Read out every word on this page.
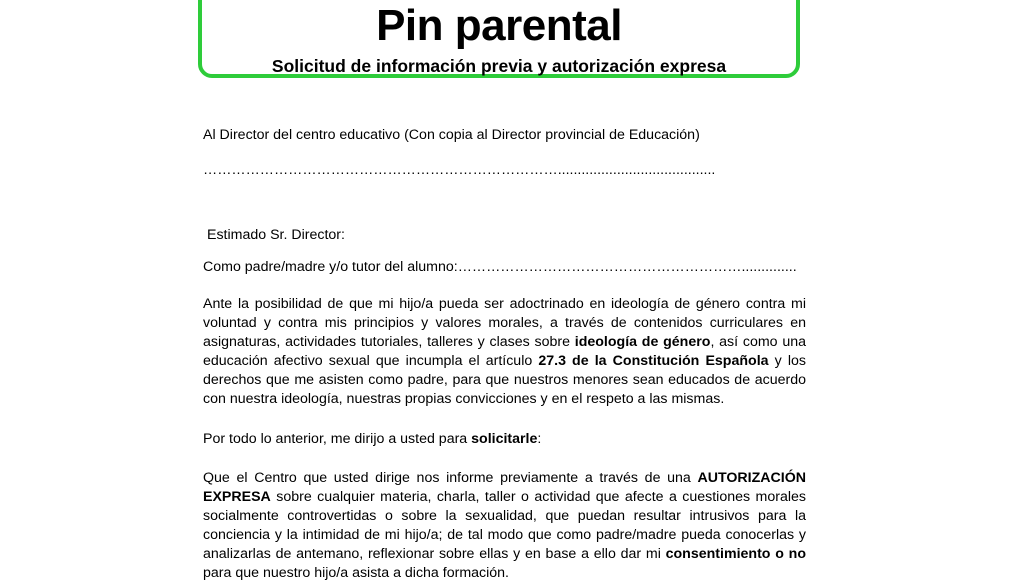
Pin parental
Solicitud de información previa y autorización expresa
Al Director del centro educativo (Con copia al Director provincial de Educación)
…………………………………………………………………........................................
Estimado Sr. Director:
Como padre/madre y/o tutor del alumno:……………………………………………………..............
Ante la posibilidad de que mi hijo/a pueda ser adoctrinado en ideología de género contra mi voluntad y contra mis principios y valores morales, a través de contenidos curriculares en asignaturas, actividades tutoriales, talleres y clases sobre ideología de género, así como una educación afectivo sexual que incumpla el artículo 27.3 de la Constitución Española y los derechos que me asisten como padre, para que nuestros menores sean educados de acuerdo con nuestra ideología, nuestras propias convicciones y en el respeto a las mismas.
Por todo lo anterior, me dirijo a usted para solicitarle:
Que el Centro que usted dirige nos informe previamente a través de una AUTORIZACIÓN EXPRESA sobre cualquier materia, charla, taller o actividad que afecte a cuestiones morales socialmente controvertidas o sobre la sexualidad, que puedan resultar intrusivos para la conciencia y la intimidad de mi hijo/a; de tal modo que como padre/madre pueda conocerlas y analizarlas de antemano, reflexionar sobre ellas y en base a ello dar mi consentimiento o no para que nuestro hijo/a asista a dicha formación.
